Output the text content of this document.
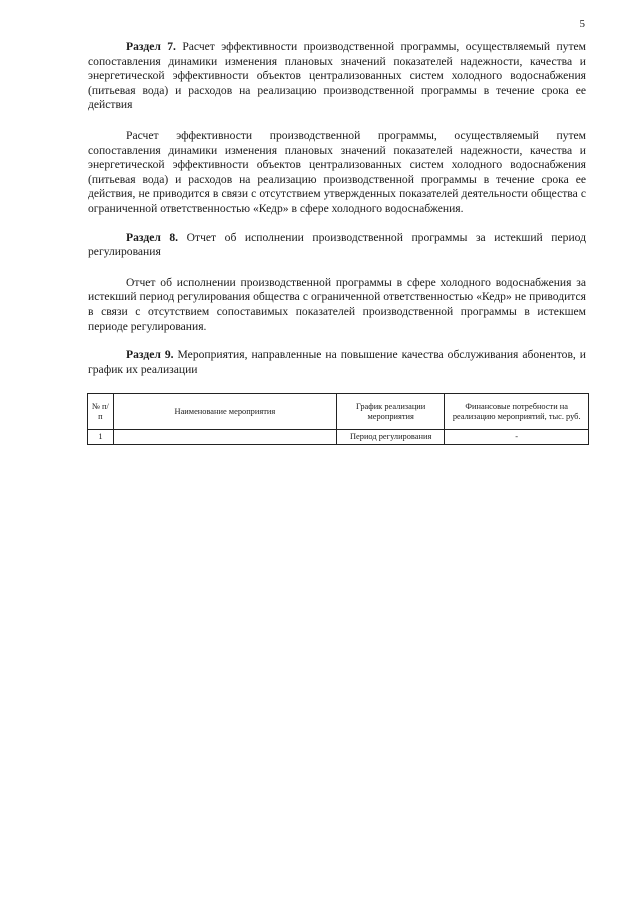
5

Раздел 7. Расчет эффективности производственной программы, осуществляемый путем сопоставления динамики изменения плановых значений показателей надежности, качества и энергетической эффективности объектов централизованных систем холодного водоснабжения (питьевая вода) и расходов на реализацию производственной программы в течение срока ее действия

Расчет эффективности производственной программы, осуществляемый путем сопоставления динамики изменения плановых значений показателей надежности, качества и энергетической эффективности объектов централизованных систем холодного водоснабжения (питьевая вода) и расходов на реализацию производственной программы в течение срока ее действия, не приводится в связи с отсутствием утвержденных показателей деятельности общества с ограниченной ответственностью «Кедр» в сфере холодного водоснабжения.

Раздел 8. Отчет об исполнении производственной программы за истекший период регулирования

Отчет об исполнении производственной программы в сфере холодного водоснабжения за истекший период регулирования общества с ограниченной ответственностью «Кедр» не приводится в связи с отсутствием сопоставимых показателей производственной программы в истекшем периоде регулирования.

Раздел 9. Мероприятия, направленные на повышение качества обслуживания абонентов, и график их реализации

№ п/п	Наименование мероприятия	График реализации мероприятия	Финансовые потребности на реализацию мероприятий, тыс. руб.
1		Период регулирования	-
